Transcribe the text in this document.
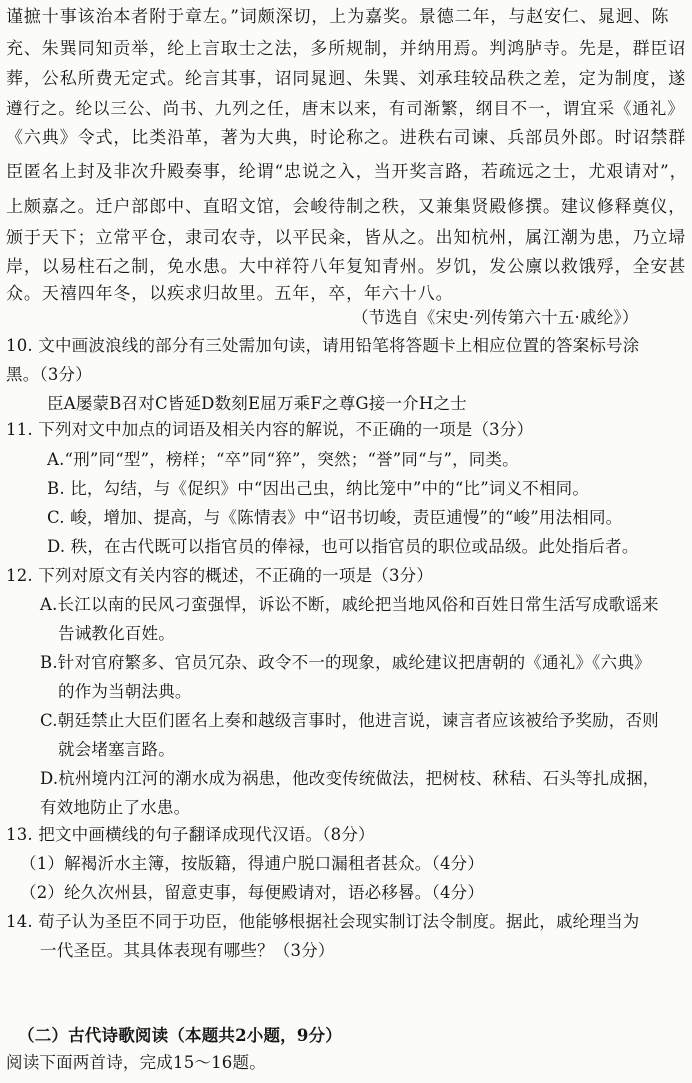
谨摭十事该治本者附于章左。”词颇深切，上为嘉奖。景德二年，与赵安仁、晁迥、陈
充、朱巽同知贡举，纶上言取士之法，多所规制，并纳用焉。判鸿胪寺。先是，群臣诏
葬，公私所费无定式。纶言其事，诏同晁迥、朱巽、刘承珪较品秩之差，定为制度，遂
遵行之。纶以三公、尚书、九列之任，唐末以来，有司渐繁，纲目不一，谓宜采《通礼》
《六典》令式，比类沿革，著为大典，时论称之。进秩右司谏、兵部员外郎。时诏禁群
臣匿名上封及非次升殿奏事，纶谓“忠说之入，当开奖言路，若疏远之士，尤艰请对”，
上颇嘉之。迁户部郎中、直昭文馆，会峻待制之秩，又兼集贤殿修撰。建议修释奠仪，
颁于天下；立常平仓，隶司农寺，以平民籴，皆从之。出知杭州，属江潮为患，乃立埽
岸，以易柱石之制，免水患。大中祥符八年复知青州。岁饥，发公廪以救饿殍，全安甚
众。天禧四年冬，以疾求归故里。五年，卒，年六十八。
（节选自《宋史·列传第六十五·戚纶》）
10. 文中画波浪线的部分有三处需加句读，请用铅笔将答题卡上相应位置的答案标号涂
黑。（3分）
臣A屡蒙B召对C皆延D数刻E屈万乘F之尊G接一介H之士
11. 下列对文中加点的词语及相关内容的解说，不正确的一项是（3分）
A.“刑”同“型”，榜样；“卒”同“猝”，突然；“誉”同“与”，同类。
B. 比，勾结，与《促织》中“因出己虫，纳比笼中”中的“比”词义不相同。
C. 峻，增加、提高，与《陈情表》中“诏书切峻，责臣逋慢”的“峻”用法相同。
D. 秩，在古代既可以指官员的俸禄，也可以指官员的职位或品级。此处指后者。
12. 下列对原文有关内容的概述，不正确的一项是（3分）
A.长江以南的民风刁蛮强悍，诉讼不断，戚纶把当地风俗和百姓日常生活写成歌谣来
告诫教化百姓。
B.针对官府繁多、官员冗杂、政令不一的现象，戚纶建议把唐朝的《通礼》《六典》
的作为当朝法典。
C.朝廷禁止大臣们匿名上奏和越级言事时，他进言说，谏言者应该被给予奖励，否则
就会堵塞言路。
D.杭州境内江河的潮水成为祸患，他改变传统做法，把树枝、秫秸、石头等扎成捆，
有效地防止了水患。
13. 把文中画横线的句子翻译成现代汉语。（8分）
（1）解褐沂水主簿，按版籍，得逋户脱口漏租者甚众。（4分）
（2）纶久次州县，留意吏事，每便殿请对，语必移晷。（4分）
14. 荀子认为圣臣不同于功臣，他能够根据社会现实制订法令制度。据此，戚纶理当为
一代圣臣。其具体表现有哪些？（3分）
（二）古代诗歌阅读（本题共2小题，9分）
阅读下面两首诗，完成15～16题。
